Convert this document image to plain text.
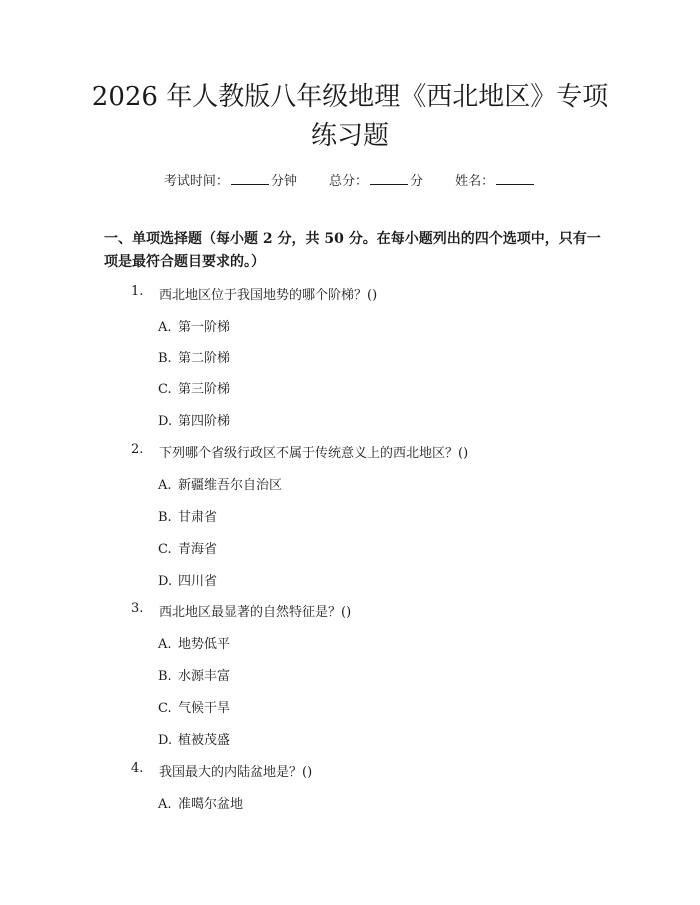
2026 年人教版八年级地理《西北地区》专项
练习题
考试时间：	分钟 总分：	分 姓名：

一、单项选择题（每小题 2 分，共 50 分。在每小题列出的四个选项中，只有一项是最符合题目要求的。）

1. 西北地区位于我国地势的哪个阶梯？()
A. 第一阶梯
B. 第二阶梯
C. 第三阶梯
D. 第四阶梯
2. 下列哪个省级行政区不属于传统意义上的西北地区？()
A. 新疆维吾尔自治区
B. 甘肃省
C. 青海省
D. 四川省
3. 西北地区最显著的自然特征是？()
A. 地势低平
B. 水源丰富
C. 气候干旱
D. 植被茂盛
4. 我国最大的内陆盆地是？()
A. 准噶尔盆地
